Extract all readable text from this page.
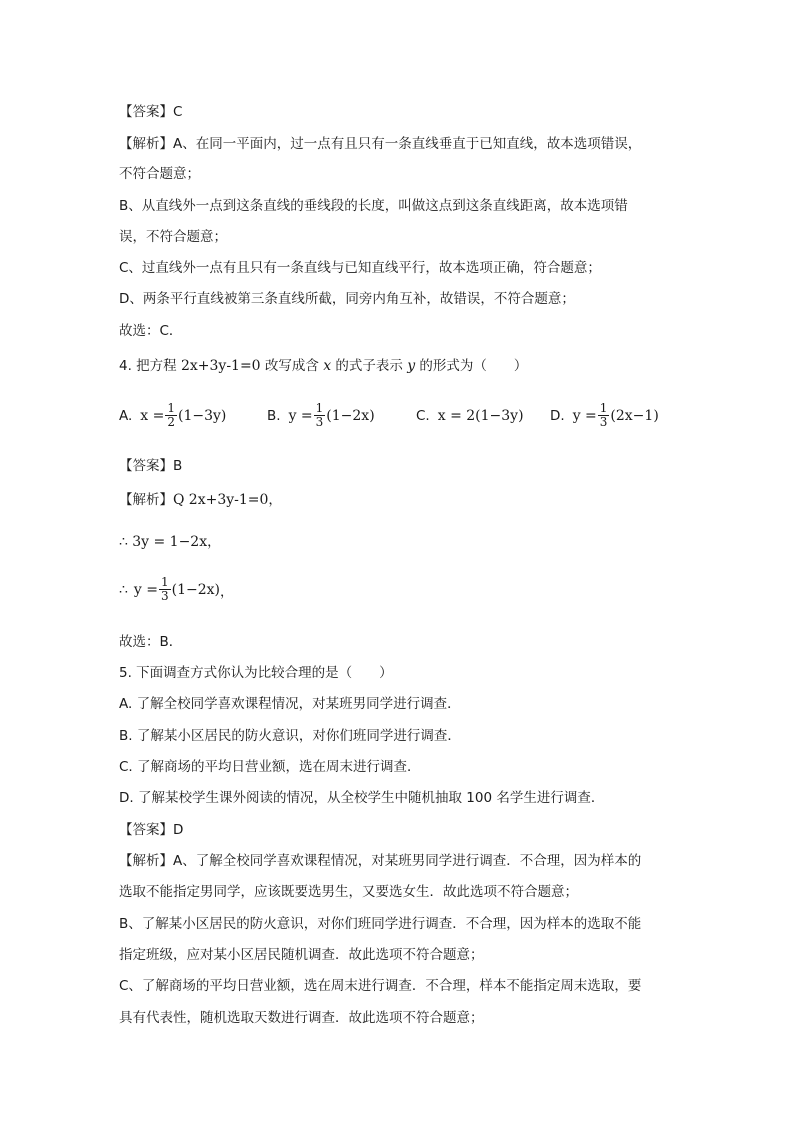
【答案】C
【解析】A、在同一平面内，过一点有且只有一条直线垂直于已知直线，故本选项错误，
不符合题意；
B、从直线外一点到这条直线的垂线段的长度，叫做这点到这条直线距离，故本选项错
误，不符合题意；
C、过直线外一点有且只有一条直线与已知直线平行，故本选项正确，符合题意；
D、两条平行直线被第三条直线所截，同旁内角互补，故错误，不符合题意；
故选：C．
4. 把方程 2x+3y-1=0 改写成含 x 的式子表示 y 的形式为（　　）
A. $x = \frac{1}{2} (1-3y)$	B. $y = \frac{1}{3} (1-2x)$	C. x = 2(1−3y) D. $y = \frac{1}{3} (2x-1)$
【答案】B
【解析】Q 2x+3y-1=0，
∴ 3y = 1−2x，
∴ $y = \frac{1}{3} (1-2x)$ ，
故选：B．
5. 下面调查方式你认为比较合理的是（　　）
A. 了解全校同学喜欢课程情况，对某班男同学进行调查．
B. 了解某小区居民的防火意识，对你们班同学进行调查．
C. 了解商场的平均日营业额，选在周末进行调查．
D. 了解某校学生课外阅读的情况，从全校学生中随机抽取 100 名学生进行调查．
【答案】D
【解析】A、了解全校同学喜欢课程情况，对某班男同学进行调查．不合理，因为样本的
选取不能指定男同学，应该既要选男生，又要选女生．故此选项不符合题意；
B、了解某小区居民的防火意识，对你们班同学进行调查．不合理，因为样本的选取不能
指定班级，应对某小区居民随机调查．故此选项不符合题意；
C、了解商场的平均日营业额，选在周末进行调查．不合理，样本不能指定周末选取，要
具有代表性，随机选取天数进行调查．故此选项不符合题意；
